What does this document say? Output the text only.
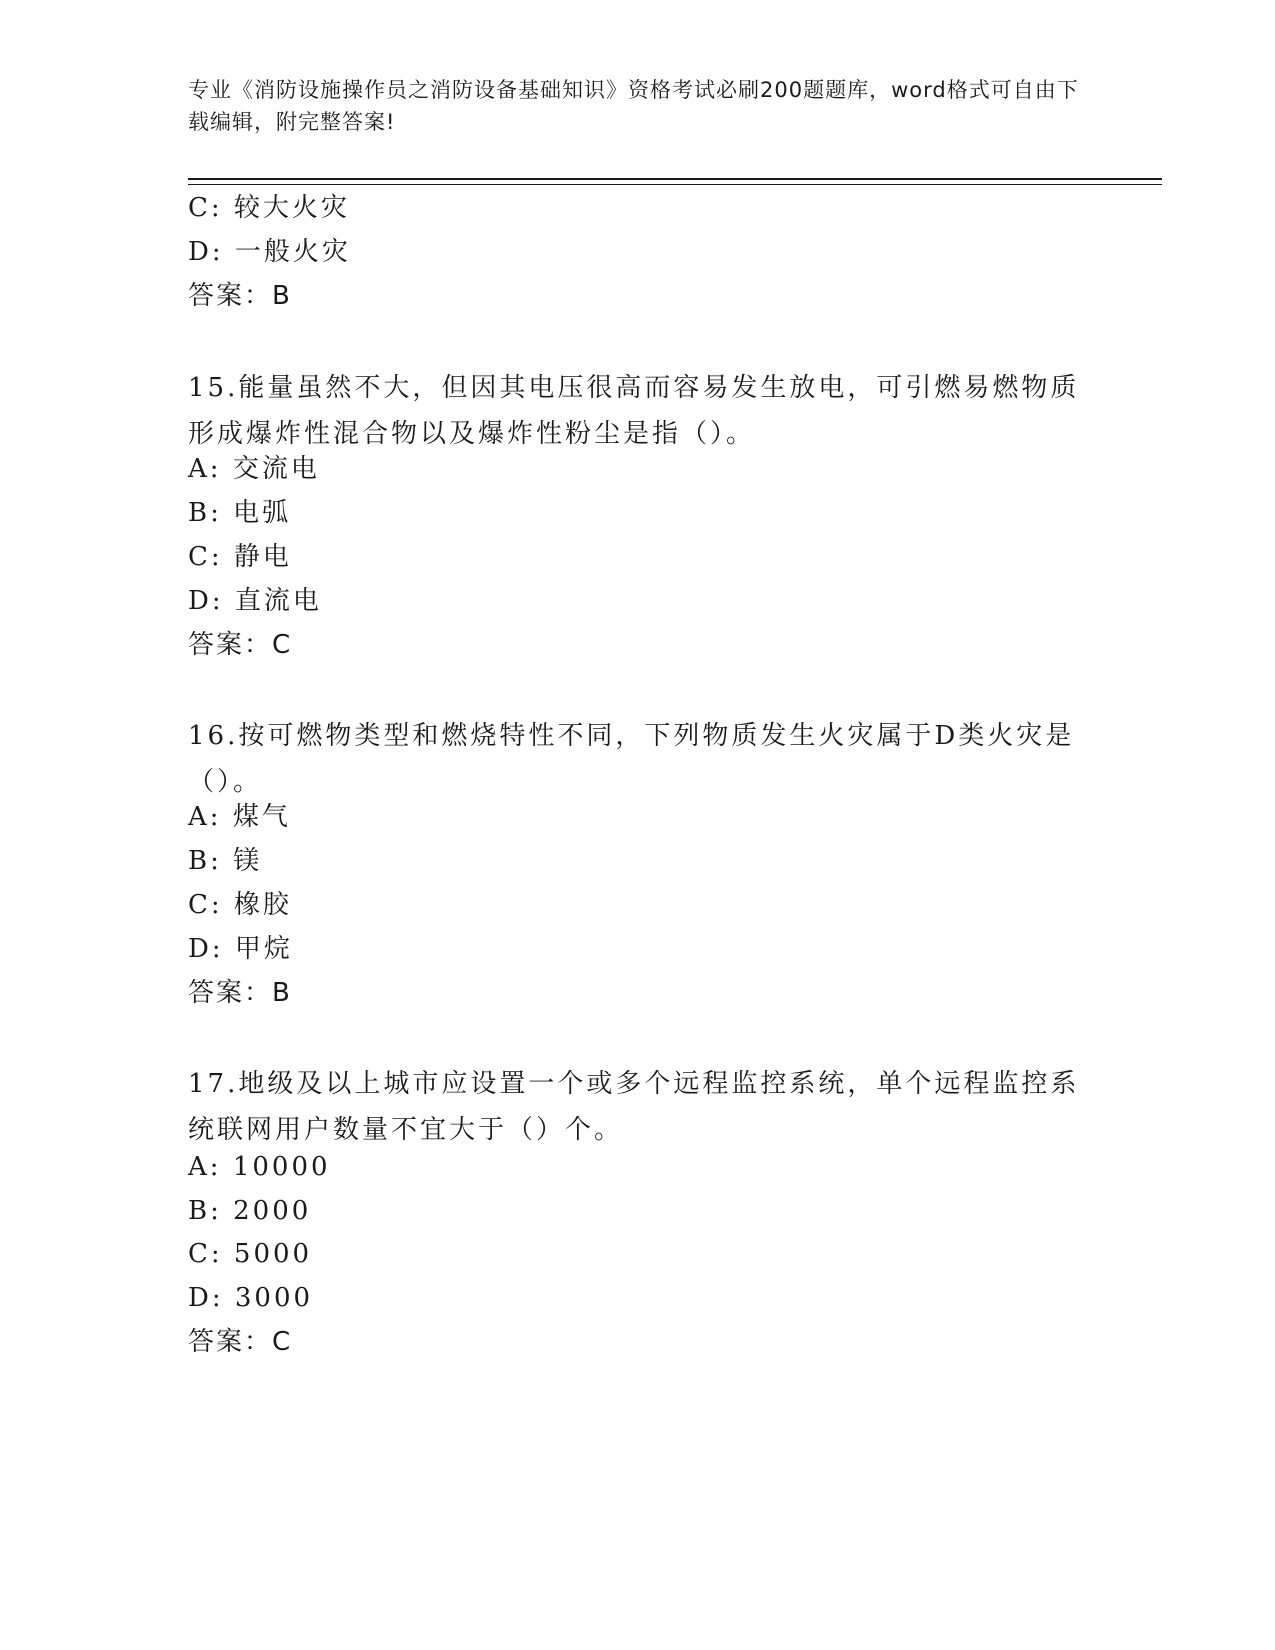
专业《消防设施操作员之消防设备基础知识》资格考试必刷200题题库，word格式可自由下载编辑，附完整答案!
C: 较大火灾
D: 一般火灾
答案：B
15.能量虽然不大，但因其电压很高而容易发生放电，可引燃易燃物质形成爆炸性混合物以及爆炸性粉尘是指（）。
A: 交流电
B: 电弧
C: 静电
D: 直流电
答案：C
16.按可燃物类型和燃烧特性不同，下列物质发生火灾属于D类火灾是（）。
A: 煤气
B: 镁
C: 橡胶
D: 甲烷
答案：B
17.地级及以上城市应设置一个或多个远程监控系统，单个远程监控系统联网用户数量不宜大于（）个。
A: 10000
B: 2000
C: 5000
D: 3000
答案：C
